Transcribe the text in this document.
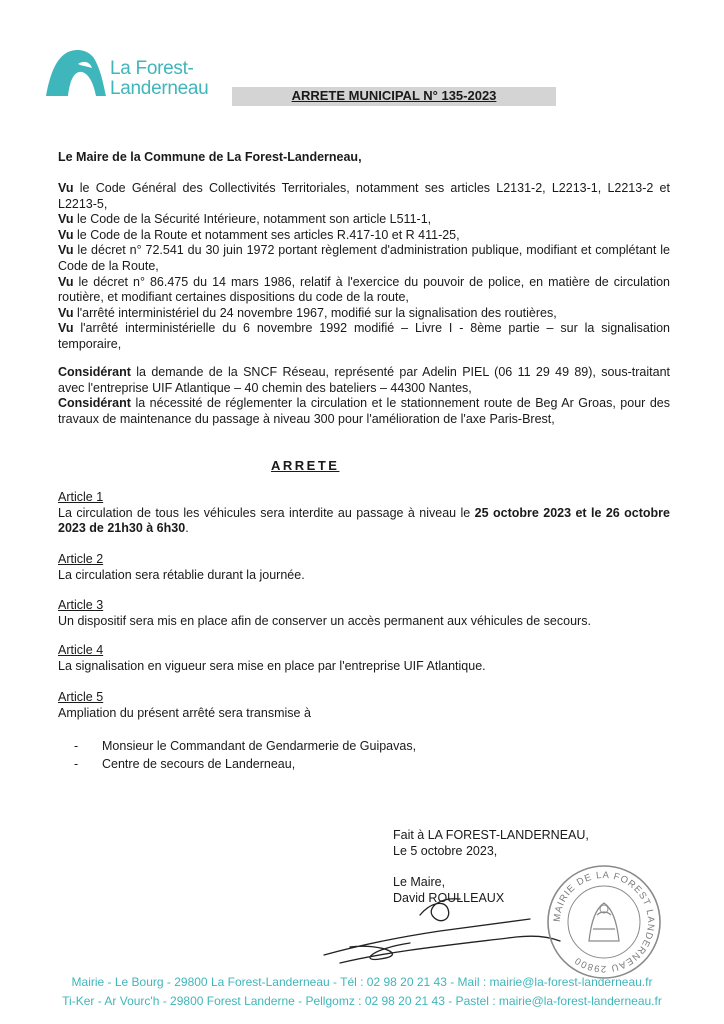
La Forest-
Landerneau	ARRETE MUNICIPAL N° 135-2023
Le Maire de la Commune de La Forest-Landerneau,
Vu le Code Général des Collectivités Territoriales, notamment ses articles L2131-2, L2213-1, L2213-2 et L2213-5,
Vu le Code de la Sécurité Intérieure, notamment son article L511-1,
Vu le Code de la Route et notamment ses articles R.417-10 et R 411-25,
Vu le décret n° 72.541 du 30 juin 1972 portant règlement d'administration publique, modifiant et complétant le Code de la Route,
Vu le décret n° 86.475 du 14 mars 1986, relatif à l'exercice du pouvoir de police, en matière de circulation routière, et modifiant certaines dispositions du code de la route,
Vu l'arrêté interministériel du 24 novembre 1967, modifié sur la signalisation des routières,
Vu l'arrêté interministérielle du 6 novembre 1992 modifié – Livre I - 8ème partie – sur la signalisation temporaire,
Considérant la demande de la SNCF Réseau, représenté par Adelin PIEL (06 11 29 49 89), sous-traitant avec l'entreprise UIF Atlantique – 40 chemin des bateliers – 44300 Nantes,
Considérant la nécessité de réglementer la circulation et le stationnement route de Beg Ar Groas, pour des travaux de maintenance du passage à niveau 300 pour l'amélioration de l'axe Paris-Brest,
ARRETE
Article 1
La circulation de tous les véhicules sera interdite au passage à niveau le 25 octobre 2023 et le 26 octobre 2023 de 21h30 à 6h30.
Article 2
La circulation sera rétablie durant la journée.
Article 3
Un dispositif sera mis en place afin de conserver un accès permanent aux véhicules de secours.
Article 4
La signalisation en vigueur sera mise en place par l'entreprise UIF Atlantique.
Article 5
Ampliation du présent arrêté sera transmise à
- Monsieur le Commandant de Gendarmerie de Guipavas,
- Centre de secours de Landerneau,
Fait à LA FOREST-LANDERNEAU,
Le 5 octobre 2023,
Le Maire,
David ROULLEAUX
MAIRIE DE LA FOREST LANDERNEAU 29800
Mairie - Le Bourg - 29800 La Forest-Landerneau - Tél : 02 98 20 21 43 - Mail : mairie@la-forest-landerneau.fr
Ti-Ker - Ar Vourc'h - 29800 Forest Landerne - Pellgomz : 02 98 20 21 43 - Pastel : mairie@la-forest-landerneau.fr
